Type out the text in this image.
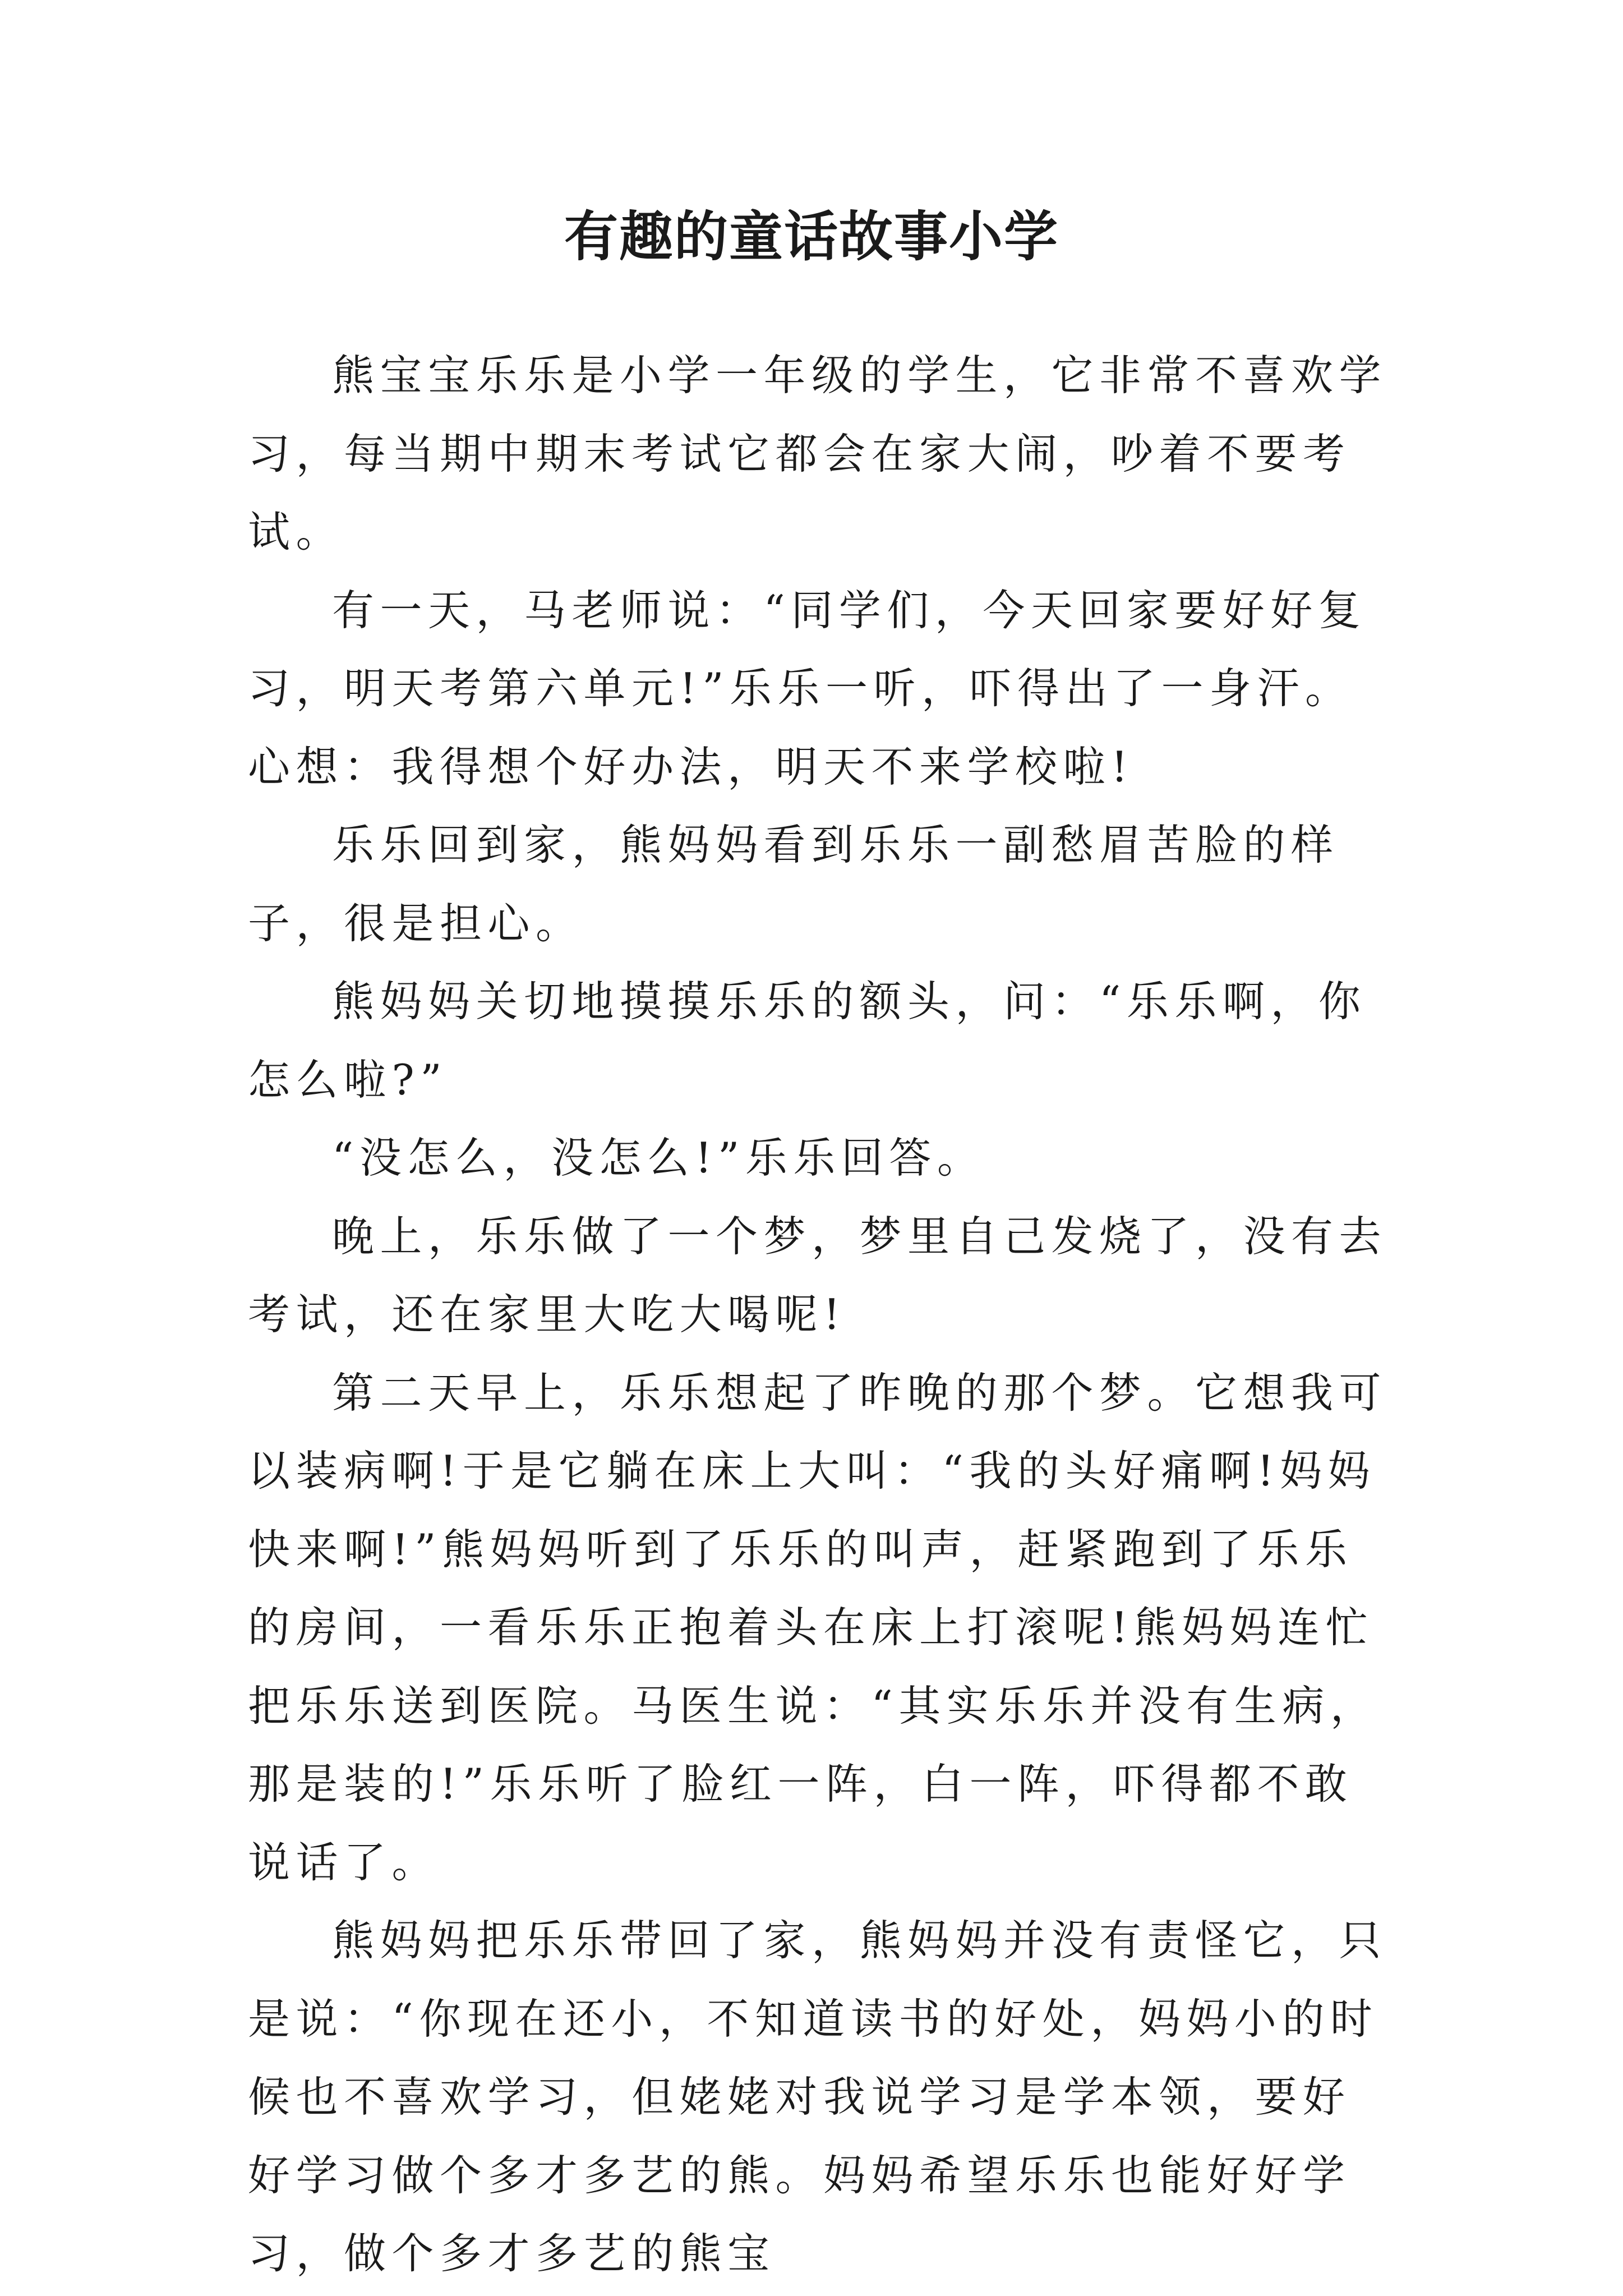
有趣的童话故事小学

熊宝宝乐乐是小学一年级的学生，它非常不喜欢学习，每当期中期末考试它都会在家大闹，吵着不要考试。

有一天，马老师说：“同学们，今天回家要好好复习，明天考第六单元!”乐乐一听，吓得出了一身汗。心想：我得想个好办法，明天不来学校啦!

乐乐回到家，熊妈妈看到乐乐一副愁眉苦脸的样子，很是担心。

熊妈妈关切地摸摸乐乐的额头，问：“乐乐啊，你怎么啦?”

“没怎么，没怎么!”乐乐回答。

晚上，乐乐做了一个梦，梦里自己发烧了，没有去考试，还在家里大吃大喝呢!

第二天早上，乐乐想起了昨晚的那个梦。它想我可以装病啊!于是它躺在床上大叫：“我的头好痛啊!妈妈快来啊!”熊妈妈听到了乐乐的叫声，赶紧跑到了乐乐的房间，一看乐乐正抱着头在床上打滚呢!熊妈妈连忙把乐乐送到医院。马医生说：“其实乐乐并没有生病，那是装的!”乐乐听了脸红一阵，白一阵，吓得都不敢说话了。

熊妈妈把乐乐带回了家，熊妈妈并没有责怪它，只是说：“你现在还小，不知道读书的好处，妈妈小的时候也不喜欢学习，但姥姥对我说学习是学本领，要好好学习做个多才多艺的熊。妈妈希望乐乐也能好好学习，做个多才多艺的熊宝
